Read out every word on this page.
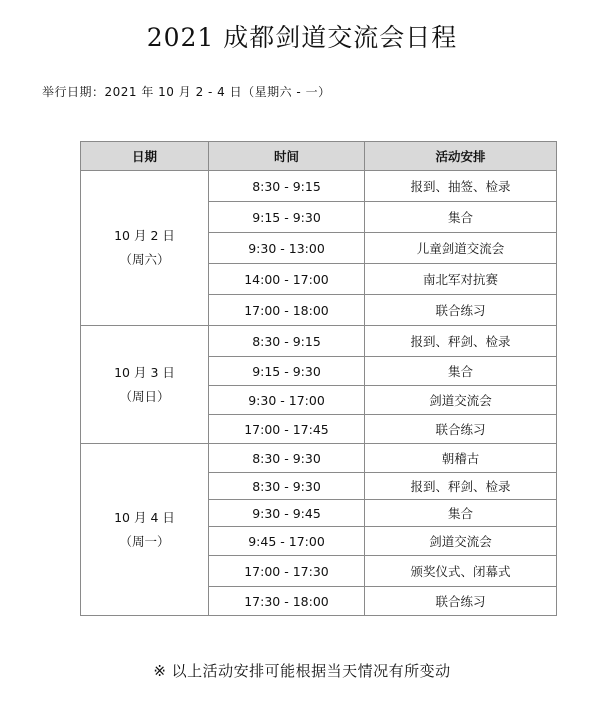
2021 成都剑道交流会日程
举行日期：2021 年 10 月 2 - 4 日（星期六 - 一）
日期	时间	活动安排

10 月 2 日
（周六）	8:30 - 9:15	报到、抽签、检录
	9:15 - 9:30	集合
	9:30 - 13:00	儿童剑道交流会
	14:00 - 17:00	南北军对抗赛
	17:00 - 18:00	联合练习

10 月 3 日
（周日）	8:30 - 9:15	报到、秤剑、检录
	9:15 - 9:30	集合
	9:30 - 17:00	剑道交流会
	17:00 - 17:45	联合练习

10 月 4 日
（周一）	8:30 - 9:30	朝稽古
	8:30 - 9:30	报到、秤剑、检录
	9:30 - 9:45	集合
	9:45 - 17:00	剑道交流会
	17:00 - 17:30	颁奖仪式、闭幕式
	17:30 - 18:00	联合练习
※ 以上活动安排可能根据当天情况有所变动
